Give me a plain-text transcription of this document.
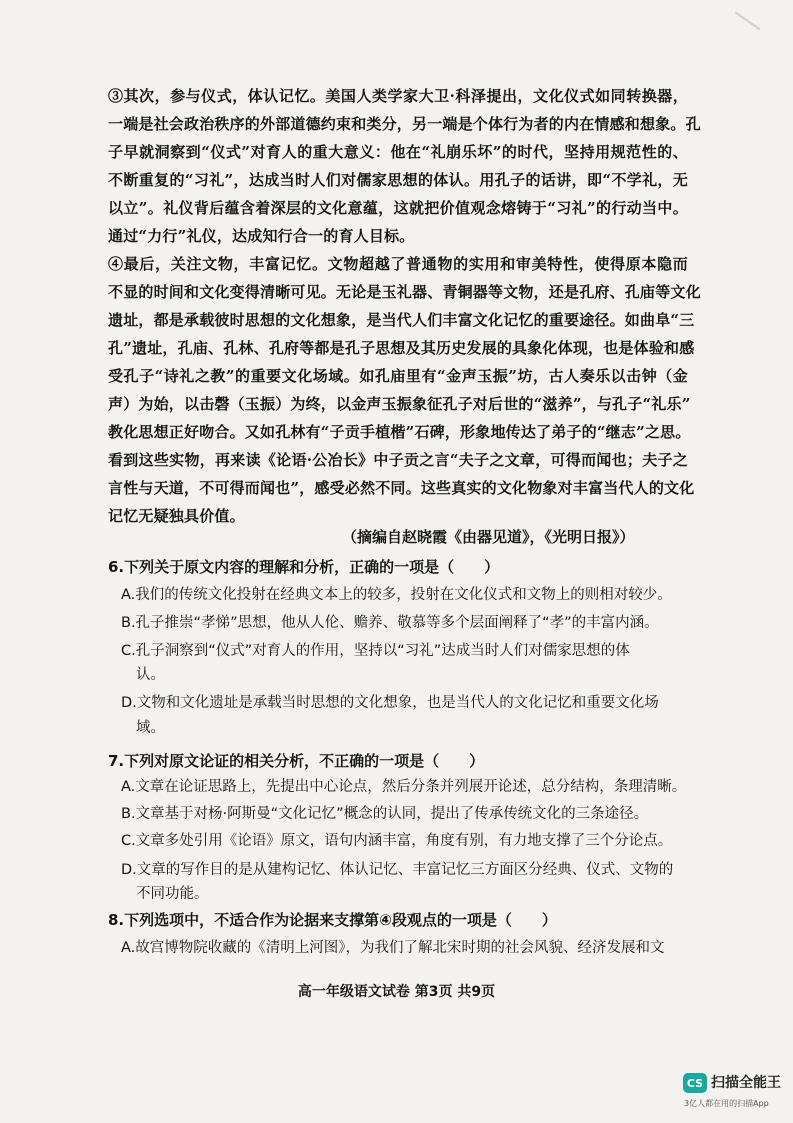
③其次，参与仪式，体认记忆。美国人类学家大卫·科泽提出，文化仪式如同转换器，
一端是社会政治秩序的外部道德约束和类分，另一端是个体行为者的内在情感和想象。孔
子早就洞察到“仪式”对育人的重大意义：他在“礼崩乐坏”的时代，坚持用规范性的、
不断重复的“习礼”，达成当时人们对儒家思想的体认。用孔子的话讲，即“不学礼，无
以立”。礼仪背后蕴含着深层的文化意蕴，这就把价值观念熔铸于“习礼”的行动当中。
通过“力行”礼仪，达成知行合一的育人目标。
④最后，关注文物，丰富记忆。文物超越了普通物的实用和审美特性，使得原本隐而
不显的时间和文化变得清晰可见。无论是玉礼器、青铜器等文物，还是孔府、孔庙等文化
遗址，都是承载彼时思想的文化想象，是当代人们丰富文化记忆的重要途径。如曲阜“三
孔”遗址，孔庙、孔林、孔府等都是孔子思想及其历史发展的具象化体现，也是体验和感
受孔子“诗礼之教”的重要文化场域。如孔庙里有“金声玉振”坊，古人奏乐以击钟（金
声）为始，以击磬（玉振）为终，以金声玉振象征孔子对后世的“滋养”，与孔子“礼乐”
教化思想正好吻合。又如孔林有“子贡手植楷”石碑，形象地传达了弟子的“继志”之思。
看到这些实物，再来读《论语·公冶长》中子贡之言“夫子之文章，可得而闻也；夫子之
言性与天道，不可得而闻也”，感受必然不同。这些真实的文化物象对丰富当代人的文化
记忆无疑独具价值。
（摘编自赵晓霞《由器见道》，《光明日报》）
6.下列关于原文内容的理解和分析，正确的一项是（　　）
A.我们的传统文化投射在经典文本上的较多，投射在文化仪式和文物上的则相对较少。
B.孔子推崇“孝悌”思想，他从人伦、赡养、敬慕等多个层面阐释了“孝”的丰富内涵。
C.孔子洞察到“仪式”对育人的作用，坚持以“习礼”达成当时人们对儒家思想的体
认。
D.文物和文化遗址是承载当时思想的文化想象，也是当代人的文化记忆和重要文化场
域。
7.下列对原文论证的相关分析，不正确的一项是（　　）
A.文章在论证思路上，先提出中心论点，然后分条并列展开论述，总分结构，条理清晰。
B.文章基于对杨·阿斯曼“文化记忆”概念的认同，提出了传承传统文化的三条途径。
C.文章多处引用《论语》原文，语句内涵丰富，角度有别，有力地支撑了三个分论点。
D.文章的写作目的是从建构记忆、体认记忆、丰富记忆三方面区分经典、仪式、文物的
不同功能。
8.下列选项中，不适合作为论据来支撑第④段观点的一项是（　　）
A.故宫博物院收藏的《清明上河图》，为我们了解北宋时期的社会风貌、经济发展和文
高一年级语文试卷 第3页 共9页
CS 扫描全能王
3亿人都在用的扫描App
